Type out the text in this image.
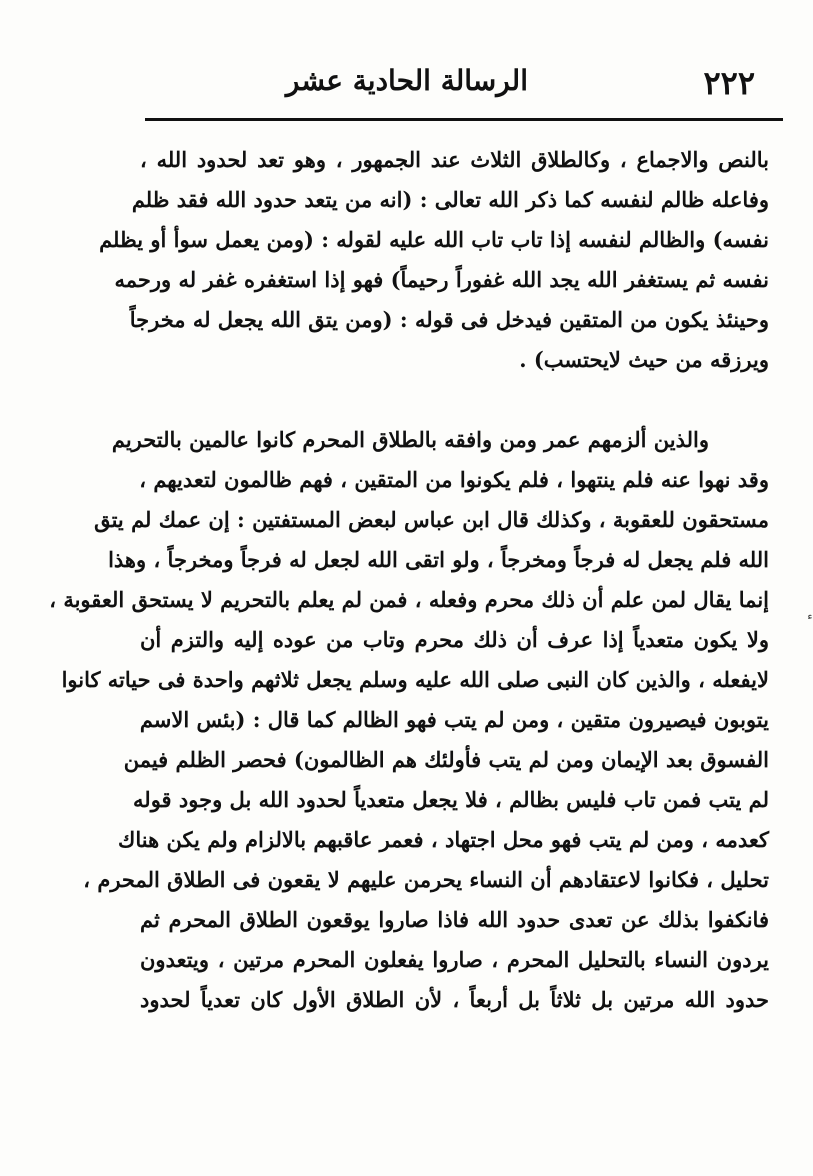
٢٢٢
الرسالة الحادية عشر
بالنص والاجماع ، وكالطلاق الثلاث عند الجمهور ، وهو تعد لحدود الله ،
وفاعله ظالم لنفسه كما ذكر الله تعالى : (انه من يتعد حدود الله فقد ظلم
نفسه) والظالم لنفسه إذا تاب تاب الله عليه لقوله : (ومن يعمل سوأ أو يظلم
نفسه ثم يستغفر الله يجد الله غفوراً رحيماً) فهو إذا استغفره غفر له ورحمه
وحينئذ يكون من المتقين فيدخل فى قوله : (ومن يتق الله يجعل له مخرجاً
ويرزقه من حيث لايحتسب) .
والذين ألزمهم عمر ومن وافقه بالطلاق المحرم كانوا عالمين بالتحريم
وقد نهوا عنه فلم ينتهوا ، فلم يكونوا من المتقين ، فهم ظالمون لتعديهم ،
مستحقون للعقوبة ، وكذلك قال ابن عباس لبعض المستفتين : إن عمك لم يتق
الله فلم يجعل له فرجاً ومخرجاً ، ولو اتقى الله لجعل له فرجاً ومخرجاً ، وهذا
إنما يقال لمن علم أن ذلك محرم وفعله ، فمن لم يعلم بالتحريم لا يستحق العقوبة ،
ولا يكون متعدياً إذا عرف أن ذلك محرم وتاب من عوده إليه والتزم أن
لايفعله ، والذين كان النبى صلى الله عليه وسلم يجعل ثلاثهم واحدة فى حياته كانوا
يتوبون فيصيرون متقين ، ومن لم يتب فهو الظالم كما قال : (بئس الاسم
الفسوق بعد الإيمان ومن لم يتب فأولئك هم الظالمون) فحصر الظلم فيمن
لم يتب فمن تاب فليس بظالم ، فلا يجعل متعدياً لحدود الله بل وجود قوله
كعدمه ، ومن لم يتب فهو محل اجتهاد ، فعمر عاقبهم بالالزام ولم يكن هناك
تحليل ، فكانوا لاعتقادهم أن النساء يحرمن عليهم لا يقعون فى الطلاق المحرم ،
فانكفوا بذلك عن تعدى حدود الله فاذا صاروا يوقعون الطلاق المحرم ثم
يردون النساء بالتحليل المحرم ، صاروا يفعلون المحرم مرتين ، ويتعدون
حدود الله مرتين بل ثلاثاً بل أربعاً ، لأن الطلاق الأول كان تعدياً لحدود
